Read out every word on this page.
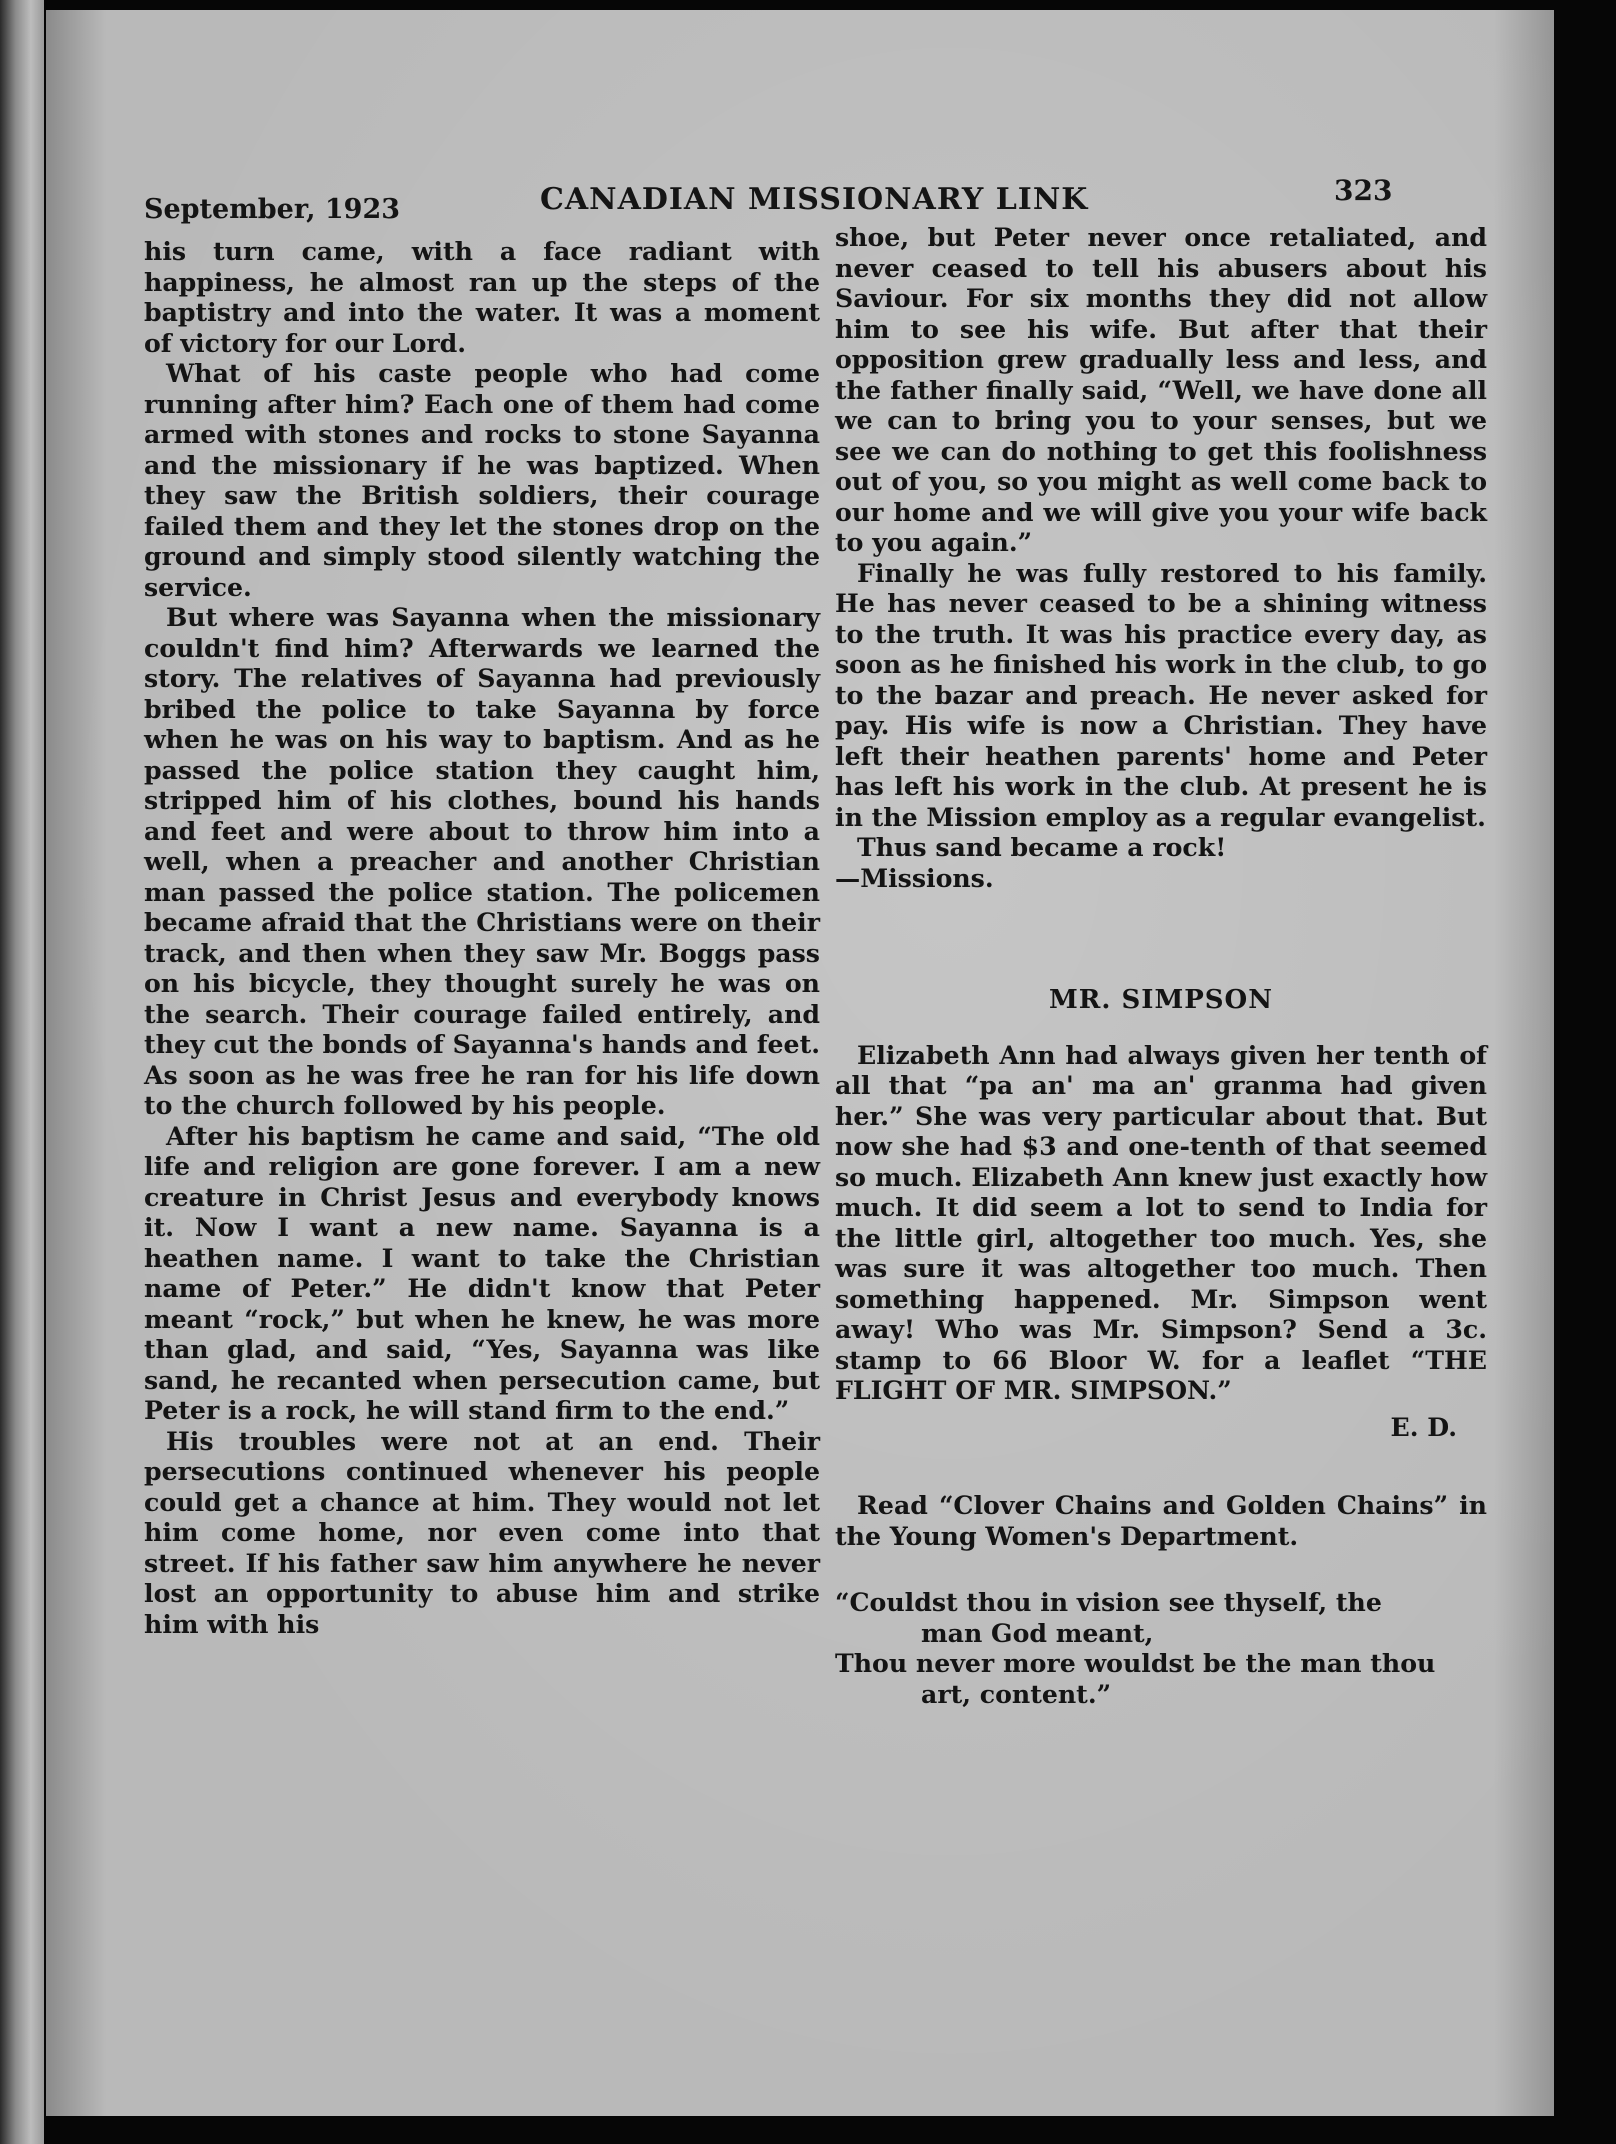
September, 1923	CANADIAN MISSIONARY LINK	323

his turn came, with a face radiant with happiness, he almost ran up the steps of the baptistry and into the water. It was a moment of victory for our Lord.

What of his caste people who had come running after him? Each one of them had come armed with stones and rocks to stone Sayanna and the missionary if he was baptized. When they saw the British soldiers, their courage failed them and they let the stones drop on the ground and simply stood silently watching the service.

But where was Sayanna when the missionary couldn't find him? Afterwards we learned the story. The relatives of Sayanna had previously bribed the police to take Sayanna by force when he was on his way to baptism. And as he passed the police station they caught him, stripped him of his clothes, bound his hands and feet and were about to throw him into a well, when a preacher and another Christian man passed the police station. The policemen became afraid that the Christians were on their track, and then when they saw Mr. Boggs pass on his bicycle, they thought surely he was on the search. Their courage failed entirely, and they cut the bonds of Sayanna's hands and feet. As soon as he was free he ran for his life down to the church followed by his people.

After his baptism he came and said, “The old life and religion are gone forever. I am a new creature in Christ Jesus and everybody knows it. Now I want a new name. Sayanna is a heathen name. I want to take the Christian name of Peter.” He didn't know that Peter meant “rock,” but when he knew, he was more than glad, and said, “Yes, Sayanna was like sand, he recanted when persecution came, but Peter is a rock, he will stand firm to the end.”

His troubles were not at an end. Their persecutions continued whenever his people could get a chance at him. They would not let him come home, nor even come into that street. If his father saw him anywhere he never lost an opportunity to abuse him and strike him with his

shoe, but Peter never once retaliated, and never ceased to tell his abusers about his Saviour. For six months they did not allow him to see his wife. But after that their opposition grew gradually less and less, and the father finally said, “Well, we have done all we can to bring you to your senses, but we see we can do nothing to get this foolishness out of you, so you might as well come back to our home and we will give you your wife back to you again.”

Finally he was fully restored to his family. He has never ceased to be a shining witness to the truth. It was his practice every day, as soon as he finished his work in the club, to go to the bazar and preach. He never asked for pay. His wife is now a Christian. They have left their heathen parents' home and Peter has left his work in the club. At present he is in the Mission employ as a regular evangelist.

Thus sand became a rock!

—Missions.

MR. SIMPSON

Elizabeth Ann had always given her tenth of all that “pa an' ma an' granma had given her.” She was very particular about that. But now she had $3 and one-tenth of that seemed so much. Elizabeth Ann knew just exactly how much. It did seem a lot to send to India for the little girl, altogether too much. Yes, she was sure it was altogether too much. Then something happened. Mr. Simpson went away! Who was Mr. Simpson? Send a 3c. stamp to 66 Bloor W. for a leaflet “THE FLIGHT OF MR. SIMPSON.”

E. D.

Read “Clover Chains and Golden Chains” in the Young Women's Department.

“Couldst thou in vision see thyself, the
man God meant,
Thou never more wouldst be the man thou
art, content.”
